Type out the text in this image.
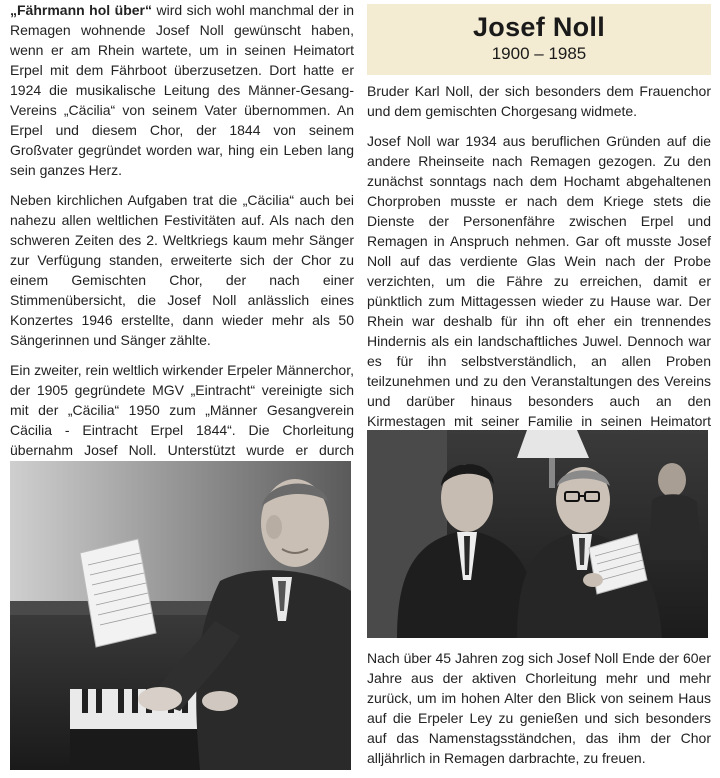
„Fährmann hol über“ wird sich wohl manchmal der in Remagen wohnende Josef Noll gewünscht haben, wenn er am Rhein wartete, um in seinen Heimatort Erpel mit dem Fährboot überzusetzen. Dort hatte er 1924 die musikalische Leitung des Männer-Gesang-Vereins „Cäcilia“ von seinem Vater übernommen. An Erpel und diesem Chor, der 1844 von seinem Großvater gegründet worden war, hing ein Leben lang sein ganzes Herz.

Neben kirchlichen Aufgaben trat die „Cäcilia“ auch bei nahezu allen weltlichen Festivitäten auf. Als nach den schweren Zeiten des 2. Weltkriegs kaum mehr Sänger zur Verfügung standen, erweiterte sich der Chor zu einem Gemischten Chor, der nach einer Stimmenübersicht, die Josef Noll anlässlich eines Konzertes 1946 erstellte, dann wieder mehr als 50 Sängerinnen und Sänger zählte.

Ein zweiter, rein weltlich wirkender Erpeler Männerchor, der 1905 gegründete MGV „Eintracht“ vereinigte sich mit der „Cäcilia“ 1950 zum „Männer Gesangverein Cäcilia - Eintracht Erpel 1844“. Die Chorleitung übernahm Josef Noll. Unterstützt wurde er durch

Josef Noll
1900 – 1985

Bruder Karl Noll, der sich besonders dem Frauenchor und dem gemischten Chorgesang widmete.

Josef Noll war 1934 aus beruflichen Gründen auf die andere Rheinseite nach Remagen gezogen. Zu den zunächst sonntags nach dem Hochamt abgehaltenen Chorproben musste er nach dem Kriege stets die Dienste der Personenfähre zwischen Erpel und Remagen in Anspruch nehmen. Gar oft musste Josef Noll auf das verdiente Glas Wein nach der Probe verzichten, um die Fähre zu erreichen, damit er pünktlich zum Mittagessen wieder zu Hause war. Der Rhein war deshalb für ihn oft eher ein trennendes Hindernis als ein landschaftliches Juwel. Dennoch war es für ihn selbstverständlich, an allen Proben teilzunehmen und zu den Veranstaltungen des Vereins und darüber hinaus besonders auch an den Kirmestagen mit seiner Familie in seinen Heimatort

Nach über 45 Jahren zog sich Josef Noll Ende der 60er Jahre aus der aktiven Chorleitung mehr und mehr zurück, um im hohen Alter den Blick von seinem Haus auf die Erpeler Ley zu genießen und sich besonders auf das Namenstagsständchen, das ihm der Chor alljährlich in Remagen darbrachte, zu freuen.
